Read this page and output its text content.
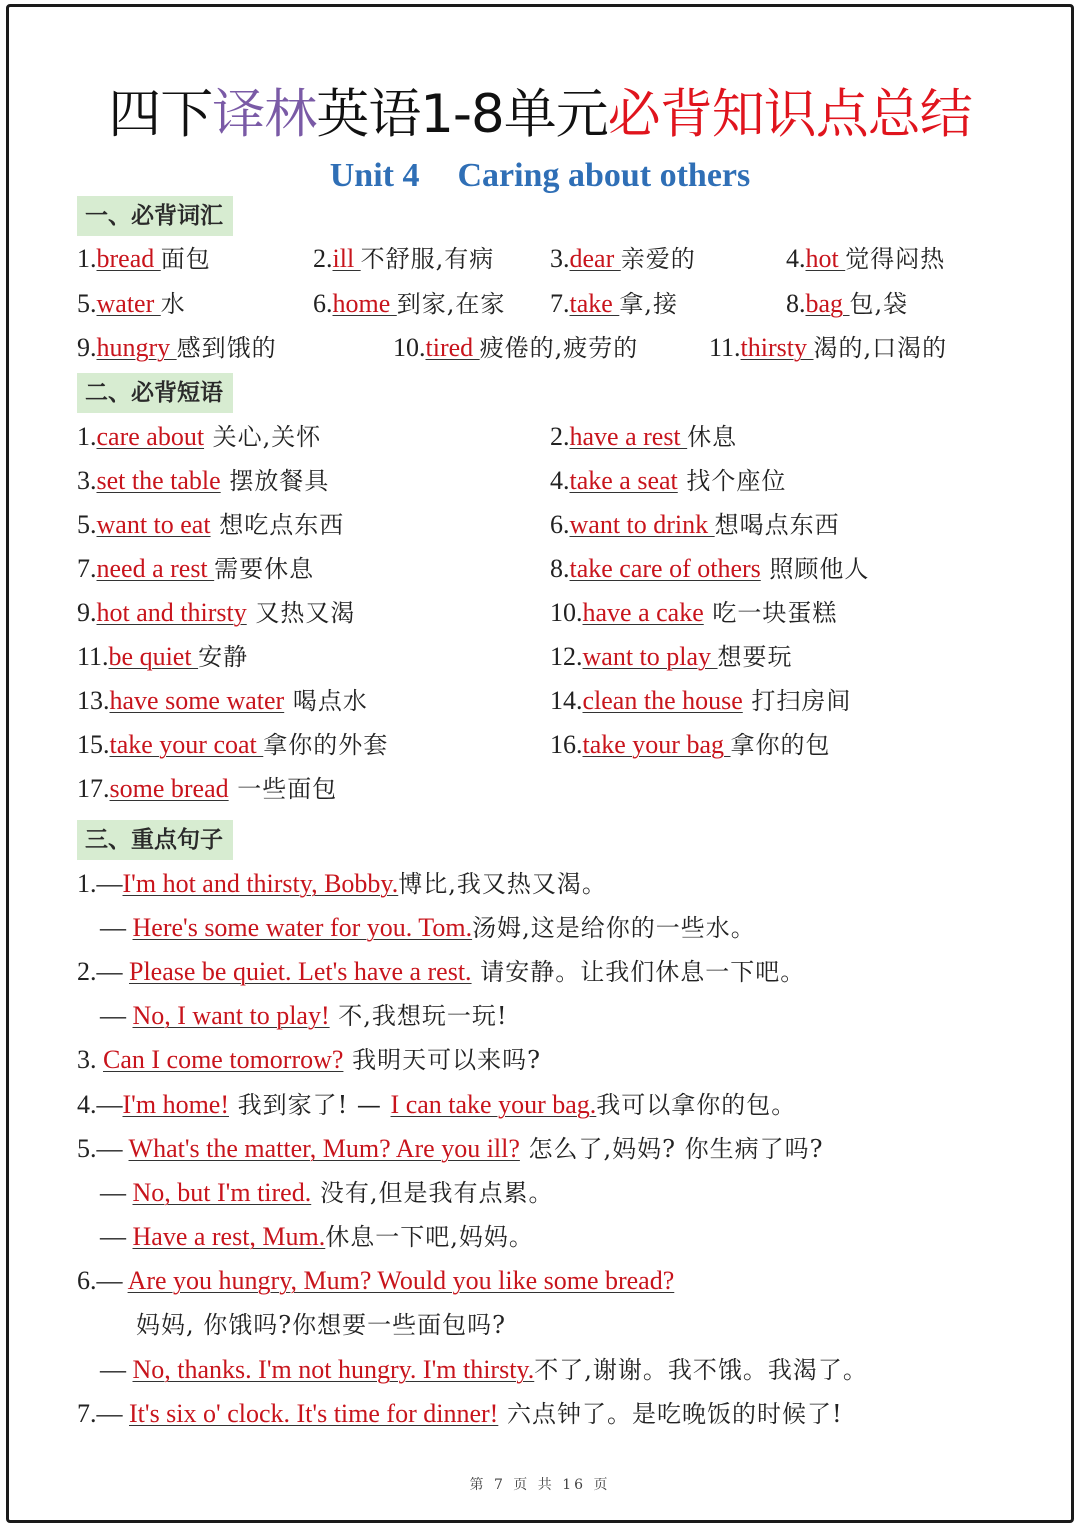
四下译林英语1-8单元必背知识点总结
Unit 4 Caring about others
一、必背词汇
1.bread 面包	2.ill 不舒服,有病 3.dear 亲爱的	4.hot 觉得闷热
5.water 水	6.home 到家,在家 7.take 拿,接	8.bag 包,袋
9.hungry 感到饿的	10.tired 疲倦的,疲劳的	11.thirsty 渴的,口渴的
二、必背短语
1.care about 关心,关怀	2.have a rest 休息
3.set the table 摆放餐具	4.take a seat 找个座位
5.want to eat 想吃点东西	6.want to drink 想喝点东西
7.need a rest 需要休息	8.take care of others 照顾他人
9.hot and thirsty 又热又渴	10.have a cake 吃一块蛋糕
11.be quiet 安静	12.want to play 想要玩
13.have some water 喝点水	14.clean the house 打扫房间
15.take your coat 拿你的外套	16.take your bag 拿你的包
17.some bread 一些面包
三、重点句子
1.—I'm hot and thirsty, Bobby.博比,我又热又渴。
— Here's some water for you. Tom.汤姆,这是给你的一些水。
2.— Please be quiet. Let's have a rest. 请安静。让我们休息一下吧。
— No, I want to play! 不,我想玩一玩!
3. Can I come tomorrow? 我明天可以来吗?
4.—I'm home! 我到家了! — I can take your bag.我可以拿你的包。
5.— What's the matter, Mum? Are you ill? 怎么了,妈妈? 你生病了吗?
— No, but I'm tired. 没有,但是我有点累。
— Have a rest, Mum.休息一下吧,妈妈。
6.— Are you hungry, Mum? Would you like some bread?
妈妈, 你饿吗?你想要一些面包吗?
— No, thanks. I'm not hungry. I'm thirsty.不了,谢谢。我不饿。我渴了。
7.— It's six o' clock. It's time for dinner! 六点钟了。是吃晚饭的时候了!
第 7 页 共 16 页
